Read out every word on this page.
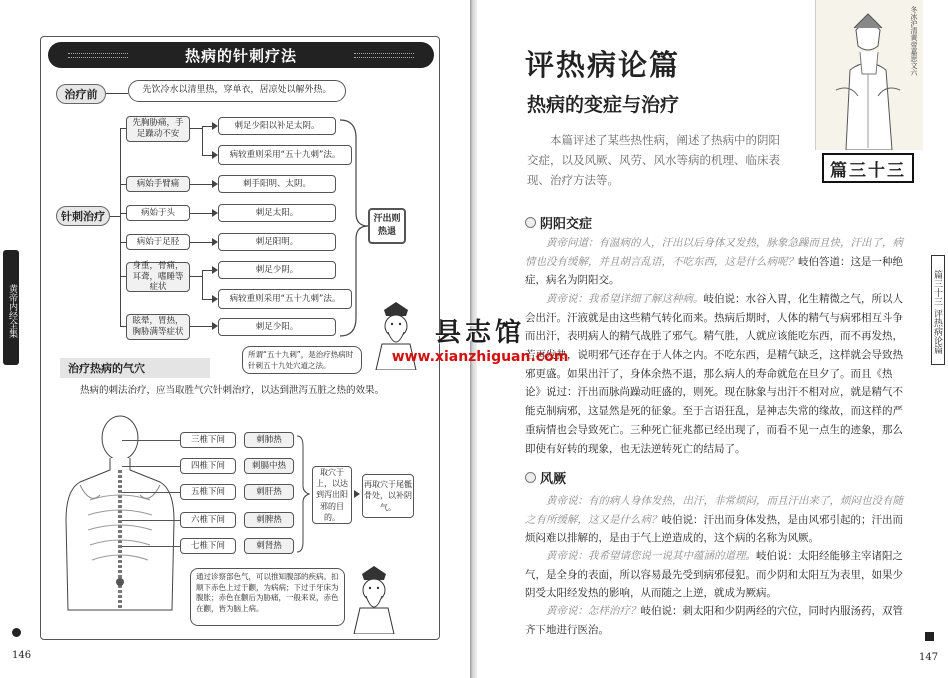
热病的针刺疗法
治疗前	先饮冷水以清里热，穿单衣，居凉处以解外热。
针刺治疗
先胸胁痛，手足躁动不安
刺足少阳以补足太阴。
病较重则采用“五十九刺”法。
病始手臂痛	刺手阳明、太阴。
病始于头	刺足太阳。
病始于足胫	刺足阳明。
身重，骨痛，耳聋，嗜睡等症状
刺足少阴。
病较重则采用“五十九刺”法。
眩晕，胃热，胸胁满等症状
刺足少阳。
汗出则热退
所谓“五十九刺”，是治疗热病时针刺五十九处穴道之法。
黄帝内经全集
治疗热病的气穴
热病的刺法治疗，应当取胜气穴针刺治疗，以达到泄泻五脏之热的效果。
三椎下间	刺肺热
四椎下间	刺膈中热
五椎下间	刺肝热
六椎下间	刺脾热
七椎下间	刺肾热
取穴于上，以达到泻出阳邪的目的。
再取穴于尾骶骨处，以补阴气。
通过诊察部色气，可以推知腹部的疾病。扣顺下赤色上过于颧，为病病；下过于牙床为腹胀；赤色在颧后为胁痛，一般来说，赤色在颧，皆为脑上病。
146
评热病论篇
热病的变症与治疗
本篇评述了某些热性病，阐述了热病中的阴阳交症，以及风厥、风劳、风水等病的机理、临床表现、治疗方法等。
冬冰沪清黄帝嘉思文六
篇三十三
阴阳交症
黄帝问道：有温病的人，汗出以后身体又发热，脉象急躁而且快，汗出了，病情也没有缓解，并且胡言乱语，不吃东西，这是什么病呢？岐伯答道：这是一种绝症，病名为阴阳交。
黄帝说：我希望详细了解这种病。岐伯说：水谷入胃，化生精微之气，所以人会出汗。汗液就是由这些精气转化而来。热病后期时，人体的精气与病邪相互斗争而出汗，表明病人的精气战胜了邪气。精气胜，人就应该能吃东西，而不再发热，若再发热，说明邪气还存在于人体之内。不吃东西，是精气缺乏，这样就会导致热邪更盛。如果出汗了，身体余热不退，那么病人的寿命就危在旦夕了。而且《热论》说过：汗出而脉尚躁动旺盛的，则死。现在脉象与出汗不相对应，就是精气不能克制病邪，这显然是死的征象。至于言语狂乱，是神志失常的缘故，而这样的严重病情也会导致死亡。三种死亡征兆都已经出现了，而看不见一点生的迹象，那么即使有好转的现象，也无法逆转死亡的结局了。
风厥
黄帝说：有的病人身体发热，出汗，非常烦闷，而且汗出来了，烦闷也没有随之有所缓解，这又是什么病？岐伯说：汗出而身体发热，是由风邪引起的；汗出而烦闷难以排解的，是由于气上逆造成的，这个病的名称为风厥。
黄帝说：我希望请您说一说其中蕴涵的道理。岐伯说：太阳经能够主宰诸阳之气，是全身的表面，所以容易最先受到病邪侵犯。而少阴和太阳互为表里，如果少阴受太阳经发热的影响，从而随之上逆，就成为厥病。
黄帝说：怎样治疗？岐伯说：刺太阳和少阴两经的穴位，同时内服汤药，双管齐下地进行医治。
篇三十三 评热病论篇
147
县志馆
www.xianzhiguan.com
